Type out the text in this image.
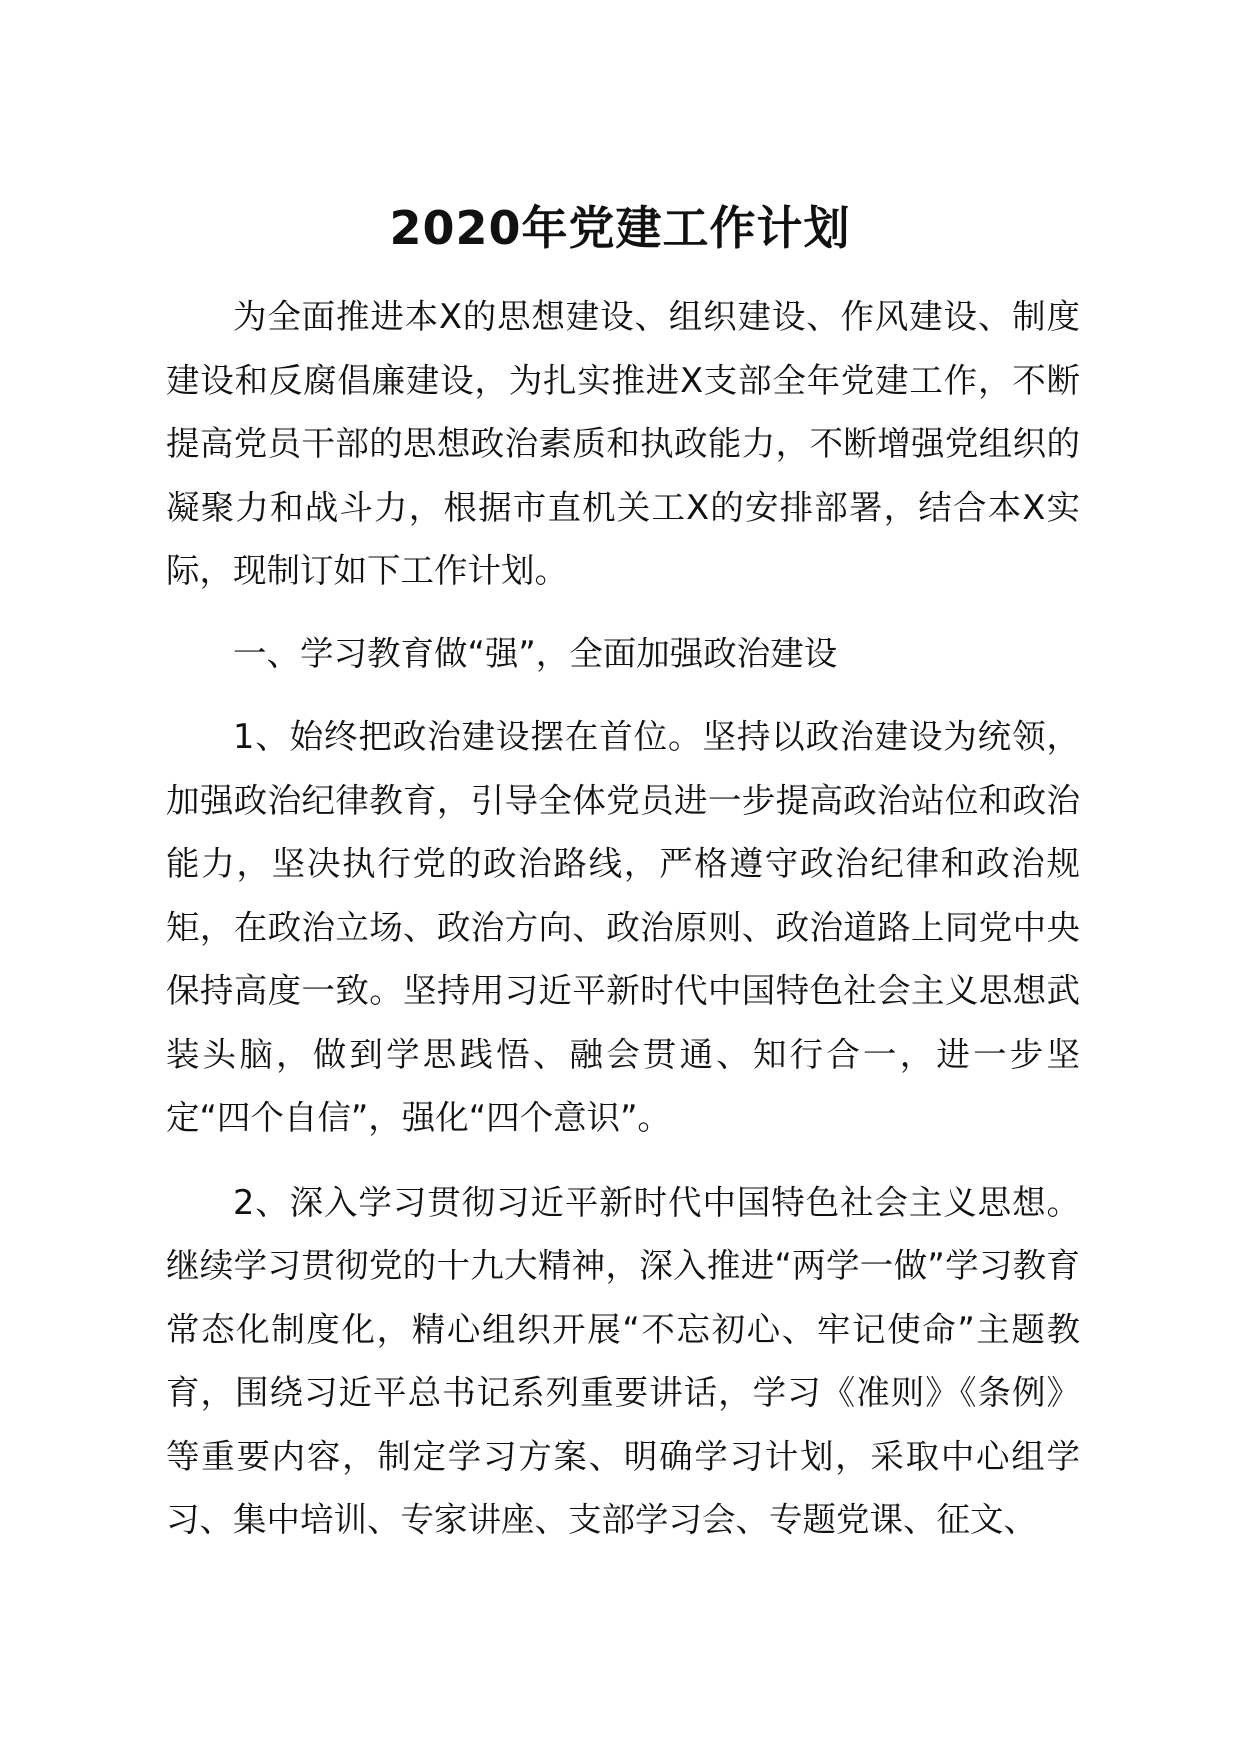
2020年党建工作计划

为全面推进本X的思想建设、组织建设、作风建设、制度建设和反腐倡廉建设，为扎实推进X支部全年党建工作，不断提高党员干部的思想政治素质和执政能力，不断增强党组织的凝聚力和战斗力，根据市直机关工X的安排部署，结合本X实际，现制订如下工作计划。

一、学习教育做“强”，全面加强政治建设

1、始终把政治建设摆在首位。坚持以政治建设为统领，加强政治纪律教育，引导全体党员进一步提高政治站位和政治能力，坚决执行党的政治路线，严格遵守政治纪律和政治规矩，在政治立场、政治方向、政治原则、政治道路上同党中央保持高度一致。坚持用习近平新时代中国特色社会主义思想武装头脑，做到学思践悟、融会贯通、知行合一，进一步坚定“四个自信”，强化“四个意识”。

2、深入学习贯彻习近平新时代中国特色社会主义思想。继续学习贯彻党的十九大精神，深入推进“两学一做”学习教育常态化制度化，精心组织开展“不忘初心、牢记使命”主题教育，围绕习近平总书记系列重要讲话，学习《准则》《条例》等重要内容，制定学习方案、明确学习计划，采取中心组学习、集中培训、专家讲座、支部学习会、专题党课、征文、
